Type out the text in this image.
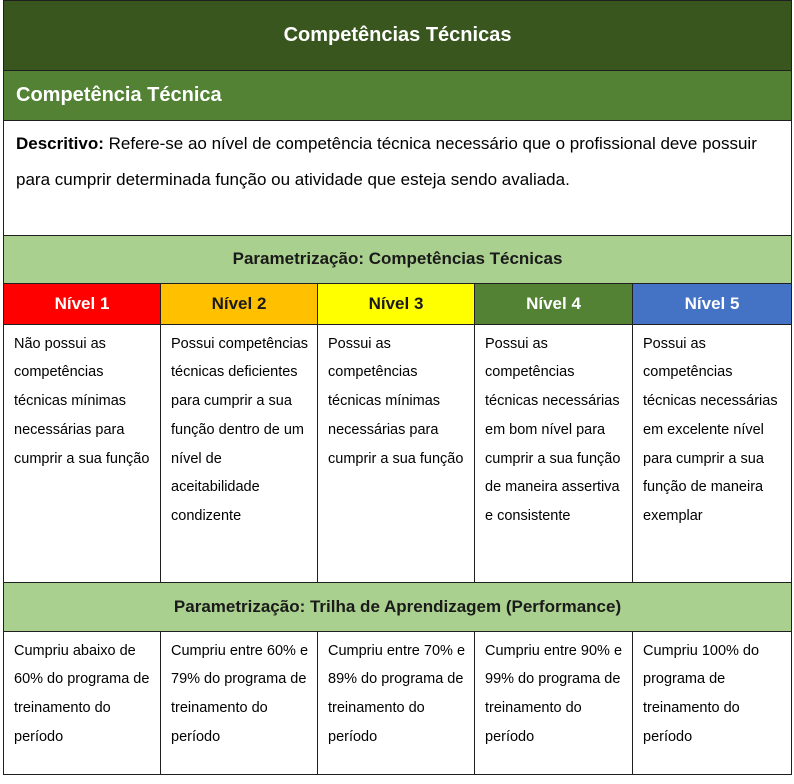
Competências Técnicas				
Competência Técnica				
Descritivo: Refere-se ao nível de competência técnica necessário que o profissional deve possuir para cumprir determinada função ou atividade que esteja sendo avaliada.				
Parametrização: Competências Técnicas				
Nível 1	Nível 2	Nível 3	Nível 4	Nível 5
Não possui as competências técnicas mínimas necessárias para cumprir a sua função	Possui competências técnicas deficientes para cumprir a sua função dentro de um nível de aceitabilidade condizente	Possui as competências técnicas mínimas necessárias para cumprir a sua função	Possui as competências técnicas necessárias em bom nível para cumprir a sua função de maneira assertiva e consistente	Possui as competências técnicas necessárias em excelente nível para cumprir a sua função de maneira exemplar
Parametrização: Trilha de Aprendizagem (Performance)				
Cumpriu abaixo de 60% do programa de treinamento do período	Cumpriu entre 60% e 79% do programa de treinamento do período	Cumpriu entre 70% e 89% do programa de treinamento do período	Cumpriu entre 90% e 99% do programa de treinamento do período	Cumpriu 100% do programa de treinamento do período
